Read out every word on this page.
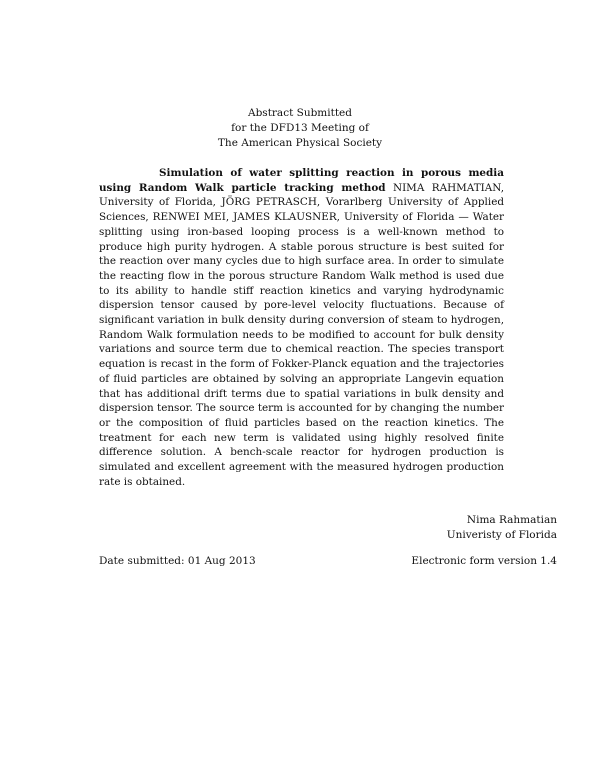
Abstract Submitted
for the DFD13 Meeting of
The American Physical Society
Simulation of water splitting reaction in porous media using Random Walk particle tracking method NIMA RAHMATIAN, University of Florida, JÖRG PETRASCH, Vorarlberg University of Applied Sciences, RENWEI MEI, JAMES KLAUSNER, University of Florida — Water splitting using iron-based looping process is a well-known method to produce high purity hydrogen. A stable porous structure is best suited for the reaction over many cycles due to high surface area. In order to simulate the reacting flow in the porous structure Random Walk method is used due to its ability to handle stiff reaction kinetics and varying hydrodynamic dispersion tensor caused by pore-level velocity fluctuations. Because of significant variation in bulk density during conversion of steam to hydrogen, Random Walk formulation needs to be modified to account for bulk density variations and source term due to chemical reaction. The species transport equation is recast in the form of Fokker-Planck equation and the trajectories of fluid particles are obtained by solving an appropriate Langevin equation that has additional drift terms due to spatial variations in bulk density and dispersion tensor. The source term is accounted for by changing the number or the composition of fluid particles based on the reaction kinetics. The treatment for each new term is validated using highly resolved finite difference solution. A bench-scale reactor for hydrogen production is simulated and excellent agreement with the measured hydrogen production rate is obtained.
Nima Rahmatian
Univeristy of Florida
Date submitted: 01 Aug 2013	Electronic form version 1.4
